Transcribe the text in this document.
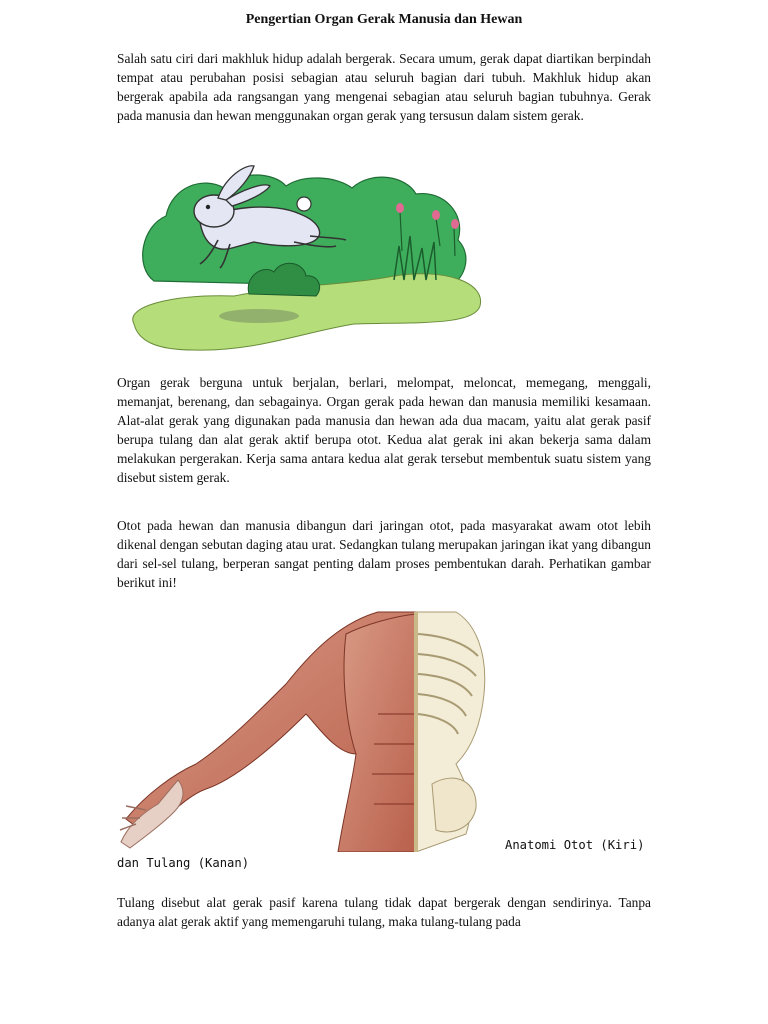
Pengertian Organ Gerak Manusia dan Hewan

Salah satu ciri dari makhluk hidup adalah bergerak. Secara umum, gerak dapat diartikan berpindah tempat atau perubahan posisi sebagian atau seluruh bagian dari tubuh. Makhluk hidup akan bergerak apabila ada rangsangan yang mengenai sebagian atau seluruh bagian tubuhnya. Gerak pada manusia dan hewan menggunakan organ gerak yang tersusun dalam sistem gerak.

Organ gerak berguna untuk berjalan, berlari, melompat, meloncat, memegang, menggali, memanjat, berenang, dan sebagainya. Organ gerak pada hewan dan manusia memiliki kesamaan. Alat-alat gerak yang digunakan pada manusia dan hewan ada dua macam, yaitu alat gerak pasif berupa tulang dan alat gerak aktif berupa otot. Kedua alat gerak ini akan bekerja sama dalam melakukan pergerakan. Kerja sama antara kedua alat gerak tersebut membentuk suatu sistem yang disebut sistem gerak.

Otot pada hewan dan manusia dibangun dari jaringan otot, pada masyarakat awam otot lebih dikenal dengan sebutan daging atau urat. Sedangkan tulang merupakan jaringan ikat yang dibangun dari sel-sel tulang, berperan sangat penting dalam proses pembentukan darah. Perhatikan gambar berikut ini!

Anatomi Otot (Kiri)
dan Tulang (Kanan)

Tulang disebut alat gerak pasif karena tulang tidak dapat bergerak dengan sendirinya. Tanpa adanya alat gerak aktif yang memengaruhi tulang, maka tulang-tulang pada
